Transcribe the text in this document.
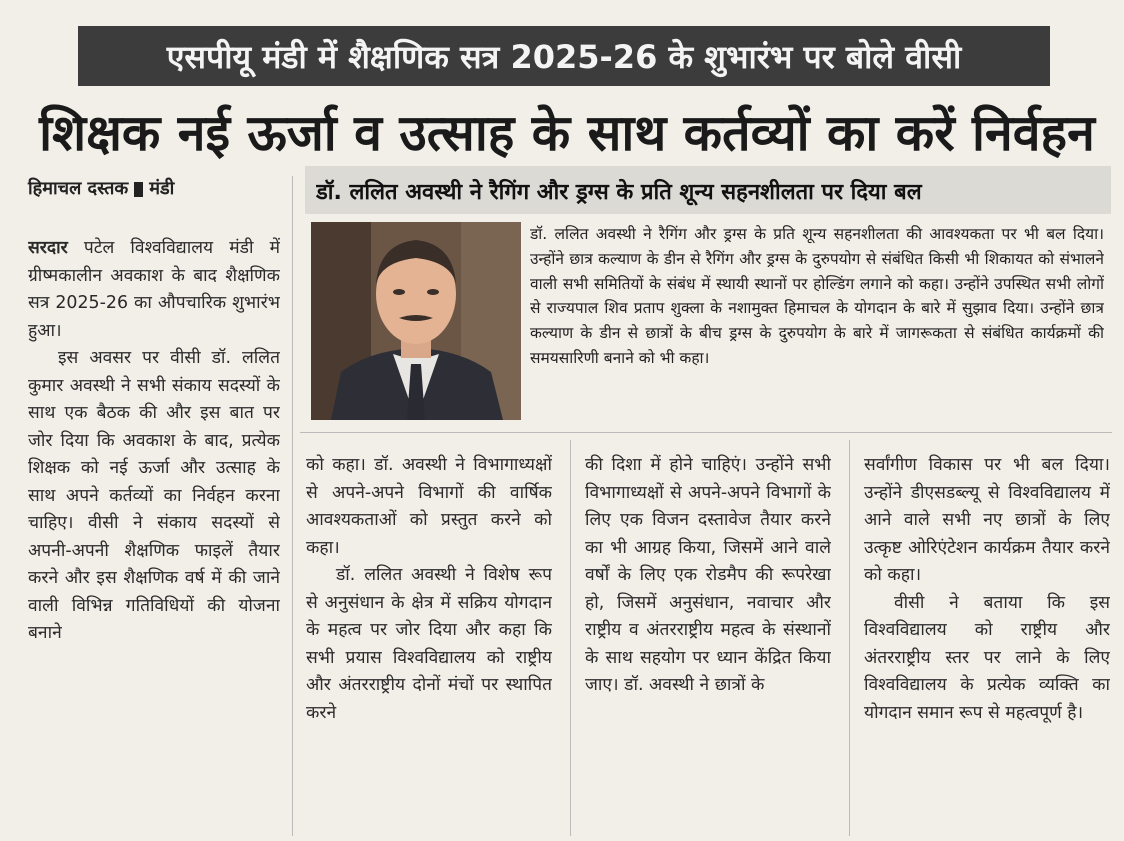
एसपीयू मंडी में शैक्षणिक सत्र 2025-26 के शुभारंभ पर बोले वीसी
शिक्षक नई ऊर्जा व उत्साह के साथ कर्तव्यों का करें निर्वहन
हिमाचल दस्तक मंडी	डॉ. ललित अवस्थी ने रैगिंग और ड्रग्स के प्रति शून्य सहनशीलता पर दिया बल
डॉ. ललित अवस्थी ने रैगिंग और ड्रग्स के प्रति शून्य सहनशीलता की आवश्यकता पर भी बल दिया। उन्होंने छात्र कल्याण के डीन से रैगिंग और ड्रग्स के दुरुपयोग से संबंधित किसी भी शिकायत को संभालने वाली सभी समितियों के संबंध में स्थायी स्थानों पर होल्डिंग लगाने को कहा। उन्होंने उपस्थित सभी लोगों से राज्यपाल शिव प्रताप शुक्ला के नशामुक्त हिमाचल के योगदान के बारे में सुझाव दिया। उन्होंने छात्र कल्याण के डीन से छात्रों के बीच ड्रग्स के दुरुपयोग के बारे में जागरूकता से संबंधित कार्यक्रमों की समयसारिणी बनाने को भी कहा।

सरदार पटेल विश्वविद्यालय मंडी में ग्रीष्मकालीन अवकाश के बाद शैक्षणिक सत्र 2025-26 का औपचारिक शुभारंभ हुआ।

इस अवसर पर वीसी डॉ. ललित कुमार अवस्थी ने सभी संकाय सदस्यों के साथ एक बैठक की और इस बात पर जोर दिया कि अवकाश के बाद, प्रत्येक शिक्षक को नई ऊर्जा और उत्साह के साथ अपने कर्तव्यों का निर्वहन करना चाहिए। वीसी ने संकाय सदस्यों से अपनी-अपनी शैक्षणिक फाइलें तैयार करने और इस शैक्षणिक वर्ष में की जाने वाली विभिन्न गतिविधियों की योजना बनाने

को कहा। डॉ. अवस्थी ने विभागाध्यक्षों से अपने-अपने विभागों की वार्षिक आवश्यकताओं को प्रस्तुत करने को कहा।

डॉ. ललित अवस्थी ने विशेष रूप से अनुसंधान के क्षेत्र में सक्रिय योगदान के महत्व पर जोर दिया और कहा कि सभी प्रयास विश्वविद्यालय को राष्ट्रीय और अंतरराष्ट्रीय दोनों मंचों पर स्थापित करने

की दिशा में होने चाहिएं। उन्होंने सभी विभागाध्यक्षों से अपने-अपने विभागों के लिए एक विजन दस्तावेज तैयार करने का भी आग्रह किया, जिसमें आने वाले वर्षों के लिए एक रोडमैप की रूपरेखा हो, जिसमें अनुसंधान, नवाचार और राष्ट्रीय व अंतरराष्ट्रीय महत्व के संस्थानों के साथ सहयोग पर ध्यान केंद्रित किया जाए। डॉ. अवस्थी ने छात्रों के

सर्वांगीण विकास पर भी बल दिया। उन्होंने डीएसडब्ल्यू से विश्वविद्यालय में आने वाले सभी नए छात्रों के लिए उत्कृष्ट ओरिएंटेशन कार्यक्रम तैयार करने को कहा।

वीसी ने बताया कि इस विश्वविद्यालय को राष्ट्रीय और अंतरराष्ट्रीय स्तर पर लाने के लिए विश्वविद्यालय के प्रत्येक व्यक्ति का योगदान समान रूप से महत्वपूर्ण है।
